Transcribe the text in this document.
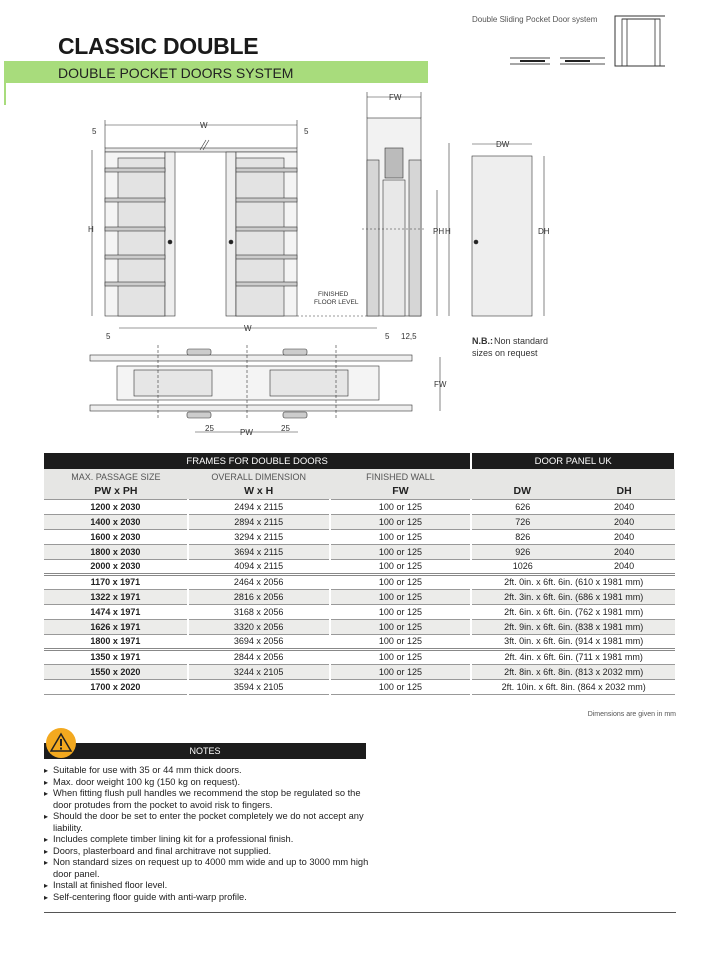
Double Sliding Pocket Door system
CLASSIC DOUBLE
DOUBLE POCKET DOORS SYSTEM
W
5	5
H
FW
PH H
DW
DH
FINISHED
FLOOR LEVEL
W
5	5 12,5
FW
25	25
PW
N.B.: Non standard
sizes on request
FRAMES FOR DOUBLE DOORS			DOOR PANEL UK	
MAX. PASSAGE SIZE	OVERALL DIMENSION	FINISHED WALL		
PW x PH	W x H	FW	DW	DH
1200 x 2030	2494 x 2115	100 or 125	626	2040
1400 x 2030	2894 x 2115	100 or 125	726	2040
1600 x 2030	3294 x 2115	100 or 125	826	2040
1800 x 2030	3694 x 2115	100 or 125	926	2040
2000 x 2030	4094 x 2115	100 or 125	1026	2040
1170 x 1971	2464 x 2056	100 or 125	2ft. 0in. x 6ft. 6in. (610 x 1981 mm)	
1322 x 1971	2816 x 2056	100 or 125	2ft. 3in. x 6ft. 6in. (686 x 1981 mm)	
1474 x 1971	3168 x 2056	100 or 125	2ft. 6in. x 6ft. 6in. (762 x 1981 mm)	
1626 x 1971	3320 x 2056	100 or 125	2ft. 9in. x 6ft. 6in. (838 x 1981 mm)	
1800 x 1971	3694 x 2056	100 or 125	3ft. 0in. x 6ft. 6in. (914 x 1981 mm)	
1350 x 1971	2844 x 2056	100 or 125	2ft. 4in. x 6ft. 6in. (711 x 1981 mm)	
1550 x 2020	3244 x 2105	100 or 125	2ft. 8in. x 6ft. 8in. (813 x 2032 mm)	
1700 x 2020	3594 x 2105	100 or 125	2ft. 10in. x 6ft. 8in. (864 x 2032 mm)	
Dimensions are given in mm
NOTES
▸ Suitable for use with 35 or 44 mm thick doors.
▸ Max. door weight 100 kg (150 kg on request).
▸ When fitting flush pull handles we recommend the stop be regulated so the door protudes from the pocket to avoid risk to fingers.
▸ Should the door be set to enter the pocket completely we do not accept any liability.
▸ Includes complete timber lining kit for a professional finish.
▸ Doors, plasterboard and final architrave not supplied.
▸ Non standard sizes on request up to 4000 mm wide and up to 3000 mm high door panel.
▸ Install at finished floor level.
▸ Self-centering floor guide with anti-warp profile.
